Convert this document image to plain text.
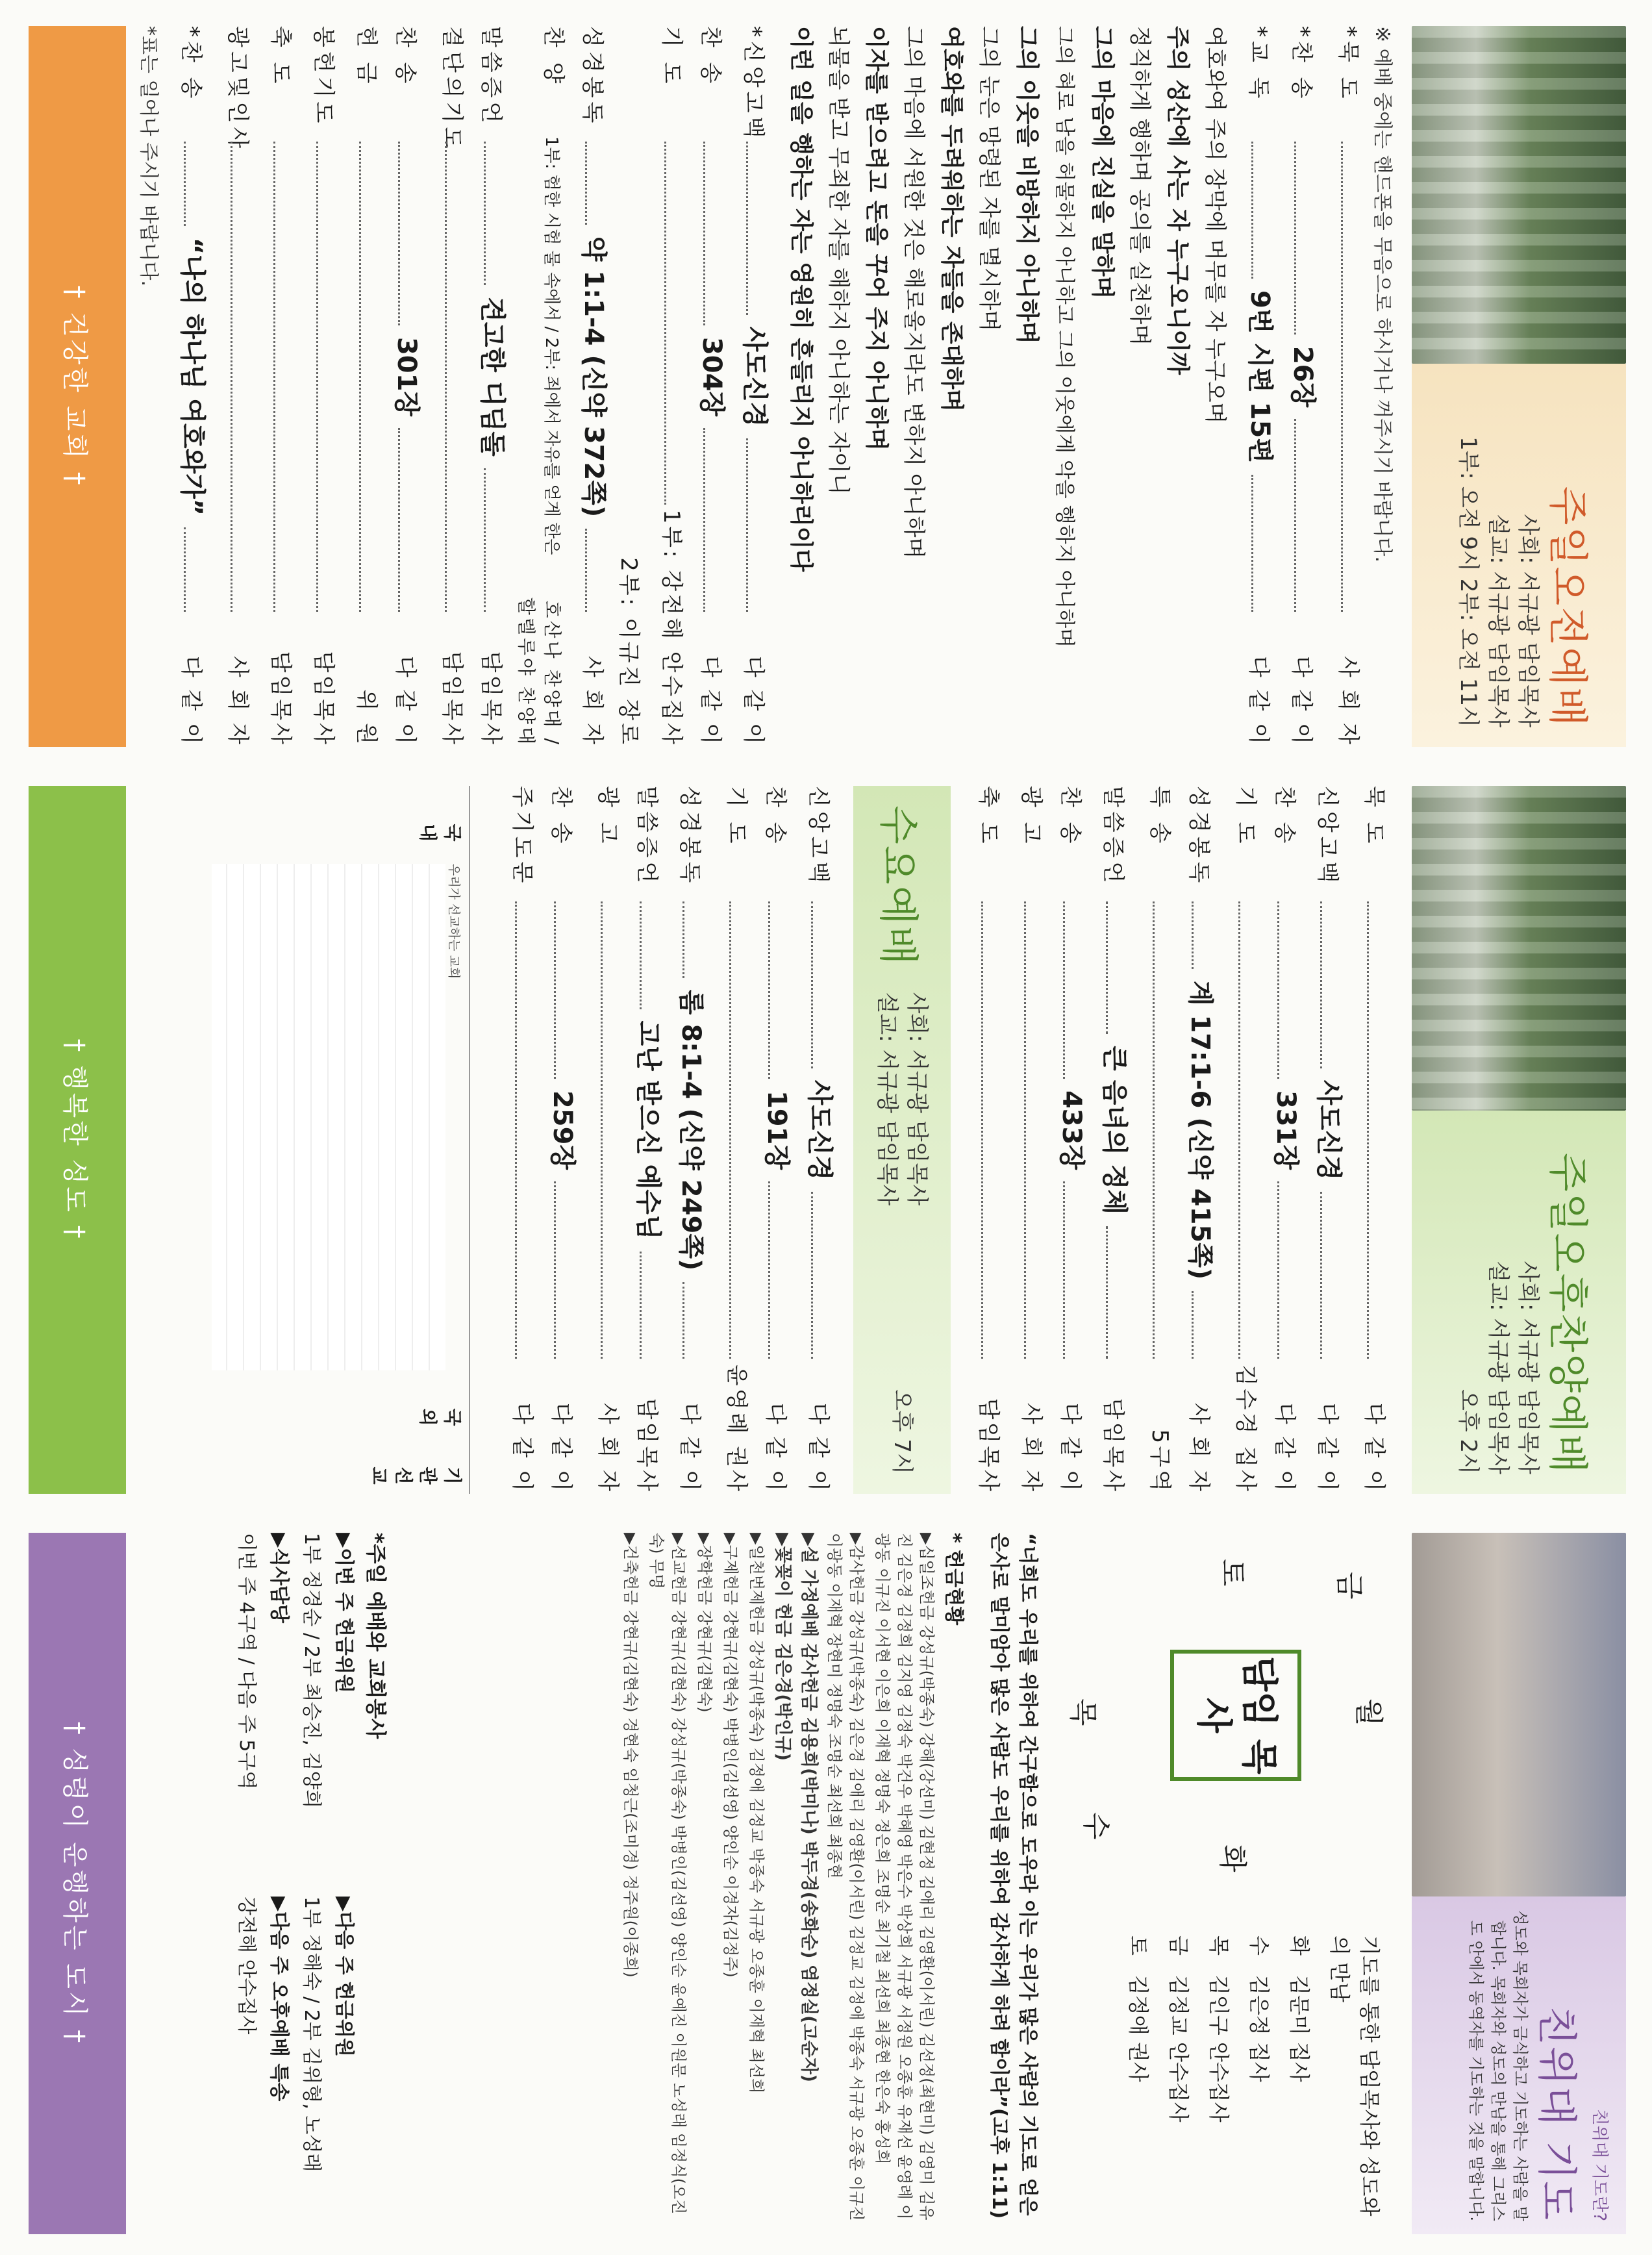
주일오전예배
사회: 서규광 담임목사
설교: 서규광 담임목사
1부: 오전 9시 2부: 오전 11시
※ 예배 중에는 핸드폰을 무음으로 하시거나 꺼주시기 바랍니다.
*묵 도
사 회 자
*찬 송
26장
다 같 이
*교 독
9번 시편 15편
다 같 이
여호와여 주의 장막에 머무를 자 누구오며
주의 성산에 사는 자 누구오니이까
정직하게 행하며 공의를 실천하며
그의 마음에 진실을 말하며
그의 혀로 남을 허물하지 아니하고 그의 이웃에게 악을 행하지 아니하며
그의 이웃을 비방하지 아니하며
그의 눈은 망령된 자를 멸시하며
여호와를 두려워하는 자들을 존대하며
그의 마음에 서원한 것은 해로울지라도 변하지 아니하며
이자를 받으려고 돈을 꾸어 주지 아니하며
뇌물을 받고 무죄한 자를 해하지 아니하는 자이니
이런 일을 행하는 자는 영원히 흔들리지 아니하리이다
*신앙고백
사도신경
다 같 이
찬 송
304장
다 같 이
기 도
1부: 강전해 안수집사
2부: 이규진 장로
성경봉독
약 1:1-4 (신약 372쪽)
사 회 자
찬 양
1부: 험한 시험 물 속에서 / 2부: 죄에서 자유를 얻게 한은
호산나 찬양대 / 할렐루야 찬양대
말씀증언
견고한 디딤돌
담임목사
결단의기도
담임목사
찬 송
301장
다 같 이
헌 금
위 원
봉헌기도
담임목사
축 도
담임목사
광고및인사
사 회 자
*찬 송
“나의 하나님 여호와가”
다 같 이
*표는 일어나 주시기 바랍니다.
† 건강한 교회 †
주일오후찬양예배
사회: 서규광 담임목사
설교: 서규광 담임목사
오후 2시
묵 도
다 같 이
신앙고백
사도신경
다 같 이
찬 송
331장
다 같 이
기 도
김수경 집사
성경봉독
계 17:1-6 (신약 415쪽)
사 회 자
특 송
5구역
말씀증언
큰 음녀의 정체
담임목사
찬 송
433장
다 같 이
광 고
사 회 자
축 도
담임목사
수요예배
사회: 서규광 담임목사
설교: 서규광 담임목사
오후 7시
신앙고백
사도신경
다 같 이
찬 송
191장
다 같 이
기 도
윤영례 권사
성경봉독
롬 8:1-4 (신약 249쪽)
다 같 이
말씀증언
고난 받으신 예수님
담임목사
광 고
사 회 자
찬 송
259장
다 같 이
주기도문
다 같 이
국 내
우리가 선교하는 교회
국 외
기 관 선 교
† 행복한 성도 †
친위대 기도란?
친위대 기도
성도와 목회자가 금식하고 기도하는 사람을 말합니다. 목회자와 성도의 만남을 통해 그리스도 안에서 동역자를 기도하는 것을 말합니다.
담임 목사	월
화
목
토
수
금
기도를 통한 담임목사와 성도와의 만남
화
김문미 집사
수
김은정 집사
목
김인구 안수집사
금
김정교 안수집사
토
김정애 권사
“너희도 우리를 위하여 간구함으로 도우라 이는 우리가 많은 사람의 기도로 얻은 은사로 말미암아 많은 사람도 우리를 위하여 감사하게 하려 함이라”(고후 1:11)
* 헌금현황
▶십일조헌금 강성규(박종숙) 강해(강선미) 김현정 김애리 김영환(이서린) 김선정(최현미) 김영미 김유진 김은경 김정희 김지영 김정숙 박건우 박혜영 박은수 박상희 서규광 서정원 오종훈 유재선 윤영례 이광동 이규진 이서현 이은희 이재혁 정명숙 정은희 조명순 최기철 최선희 최종현 한은숙 홍성희
▶감사헌금 강성규(박종숙) 김은경 김애리 김영환(이서린) 김정교 김정애 박종숙 서규광 오종훈 이규진 이광동 이재혁 장현미 정명숙 조명순 최선희 최종현
▶설 가정예배 감사헌금 김용희(박미나) 박두경(송화순) 염정실(고순자)
▶꽃꽂이 헌금 김은경(박인규)
▶일천번제헌금 강성규(박종숙) 김정애 김정교 박종숙 서규광 오종훈 이재혁 최선희
▶구제헌금 강현규(김현숙) 박병인(김선영) 양인순 이경자(김정주)
▶장학헌금 강현규(김현숙)
▶선교헌금 강현규(김현숙) 강성규(박종숙) 박병인(김선영) 양인순 윤예진 이원문 노성래 임정식(오진숙) 무명
▶건축헌금 강현규(김현숙) 경현숙 임청근(조미경) 정주원(이종희)
*주일 예배와 교회봉사
▶이번 주 헌금위원
1부 정경순 / 2부 최승진, 김양희
▶식사담당
이번 주 4구역 / 다음 주 5구역
▶다음 주 헌금위원
1부 정해숙 / 2부 김위형, 노성래
▶다음 주 오후예배 특송
강전해 안수집사
† 성령이 운행하는 도시 †
